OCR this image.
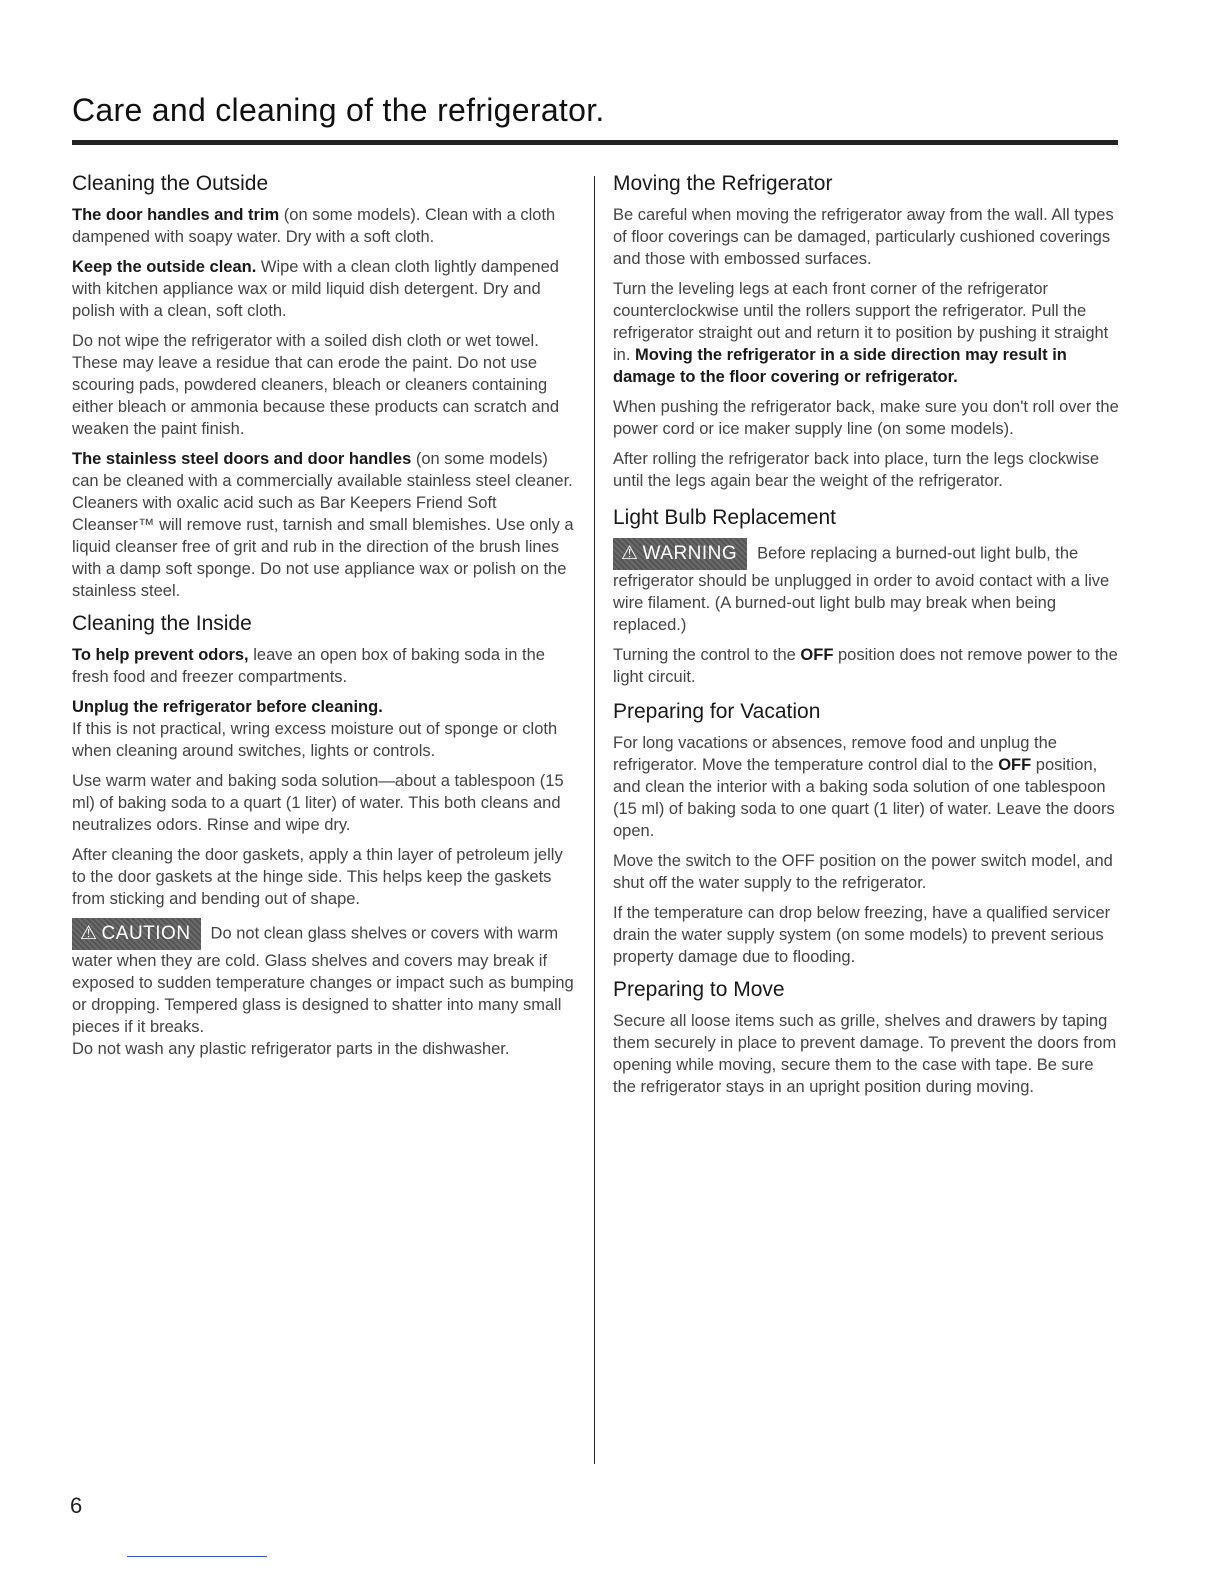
Care and cleaning of the refrigerator.
Cleaning the Outside

The door handles and trim (on some models). Clean with a cloth dampened with soapy water. Dry with a soft cloth.

Keep the outside clean. Wipe with a clean cloth lightly dampened with kitchen appliance wax or mild liquid dish detergent. Dry and polish with a clean, soft cloth.

Do not wipe the refrigerator with a soiled dish cloth or wet towel. These may leave a residue that can erode the paint. Do not use scouring pads, powdered cleaners, bleach or cleaners containing either bleach or ammonia because these products can scratch and weaken the paint finish.

The stainless steel doors and door handles (on some models) can be cleaned with a commercially available stainless steel cleaner. Cleaners with oxalic acid such as Bar Keepers Friend Soft Cleanser™ will remove rust, tarnish and small blemishes. Use only a liquid cleanser free of grit and rub in the direction of the brush lines with a damp soft sponge. Do not use appliance wax or polish on the stainless steel.

Cleaning the Inside

To help prevent odors, leave an open box of baking soda in the fresh food and freezer compartments.

Unplug the refrigerator before cleaning.

If this is not practical, wring excess moisture out of sponge or cloth when cleaning around switches, lights or controls.

Use warm water and baking soda solution—about a tablespoon (15 ml) of baking soda to a quart (1 liter) of water. This both cleans and neutralizes odors. Rinse and wipe dry.

After cleaning the door gaskets, apply a thin layer of petroleum jelly to the door gaskets at the hinge side. This helps keep the gaskets from sticking and bending out of shape.

⚠ CAUTION Do not clean glass shelves or covers with warm water when they are cold. Glass shelves and covers may break if exposed to sudden temperature changes or impact such as bumping or dropping. Tempered glass is designed to shatter into many small pieces if it breaks.

Do not wash any plastic refrigerator parts in the dishwasher.

Moving the Refrigerator

Be careful when moving the refrigerator away from the wall. All types of floor coverings can be damaged, particularly cushioned coverings and those with embossed surfaces.

Turn the leveling legs at each front corner of the refrigerator counterclockwise until the rollers support the refrigerator. Pull the refrigerator straight out and return it to position by pushing it straight in. Moving the refrigerator in a side direction may result in damage to the floor covering or refrigerator.

When pushing the refrigerator back, make sure you don't roll over the power cord or ice maker supply line (on some models).

After rolling the refrigerator back into place, turn the legs clockwise until the legs again bear the weight of the refrigerator.

Light Bulb Replacement

⚠ WARNING Before replacing a burned-out light bulb, the refrigerator should be unplugged in order to avoid contact with a live wire filament. (A burned-out light bulb may break when being replaced.)

Turning the control to the OFF position does not remove power to the light circuit.

Preparing for Vacation

For long vacations or absences, remove food and unplug the refrigerator. Move the temperature control dial to the OFF position, and clean the interior with a baking soda solution of one tablespoon (15 ml) of baking soda to one quart (1 liter) of water. Leave the doors open.

Move the switch to the OFF position on the power switch model, and shut off the water supply to the refrigerator.

If the temperature can drop below freezing, have a qualified servicer drain the water supply system (on some models) to prevent serious property damage due to flooding.

Preparing to Move

Secure all loose items such as grille, shelves and drawers by taping them securely in place to prevent damage. To prevent the doors from opening while moving, secure them to the case with tape. Be sure the refrigerator stays in an upright position during moving.

6
